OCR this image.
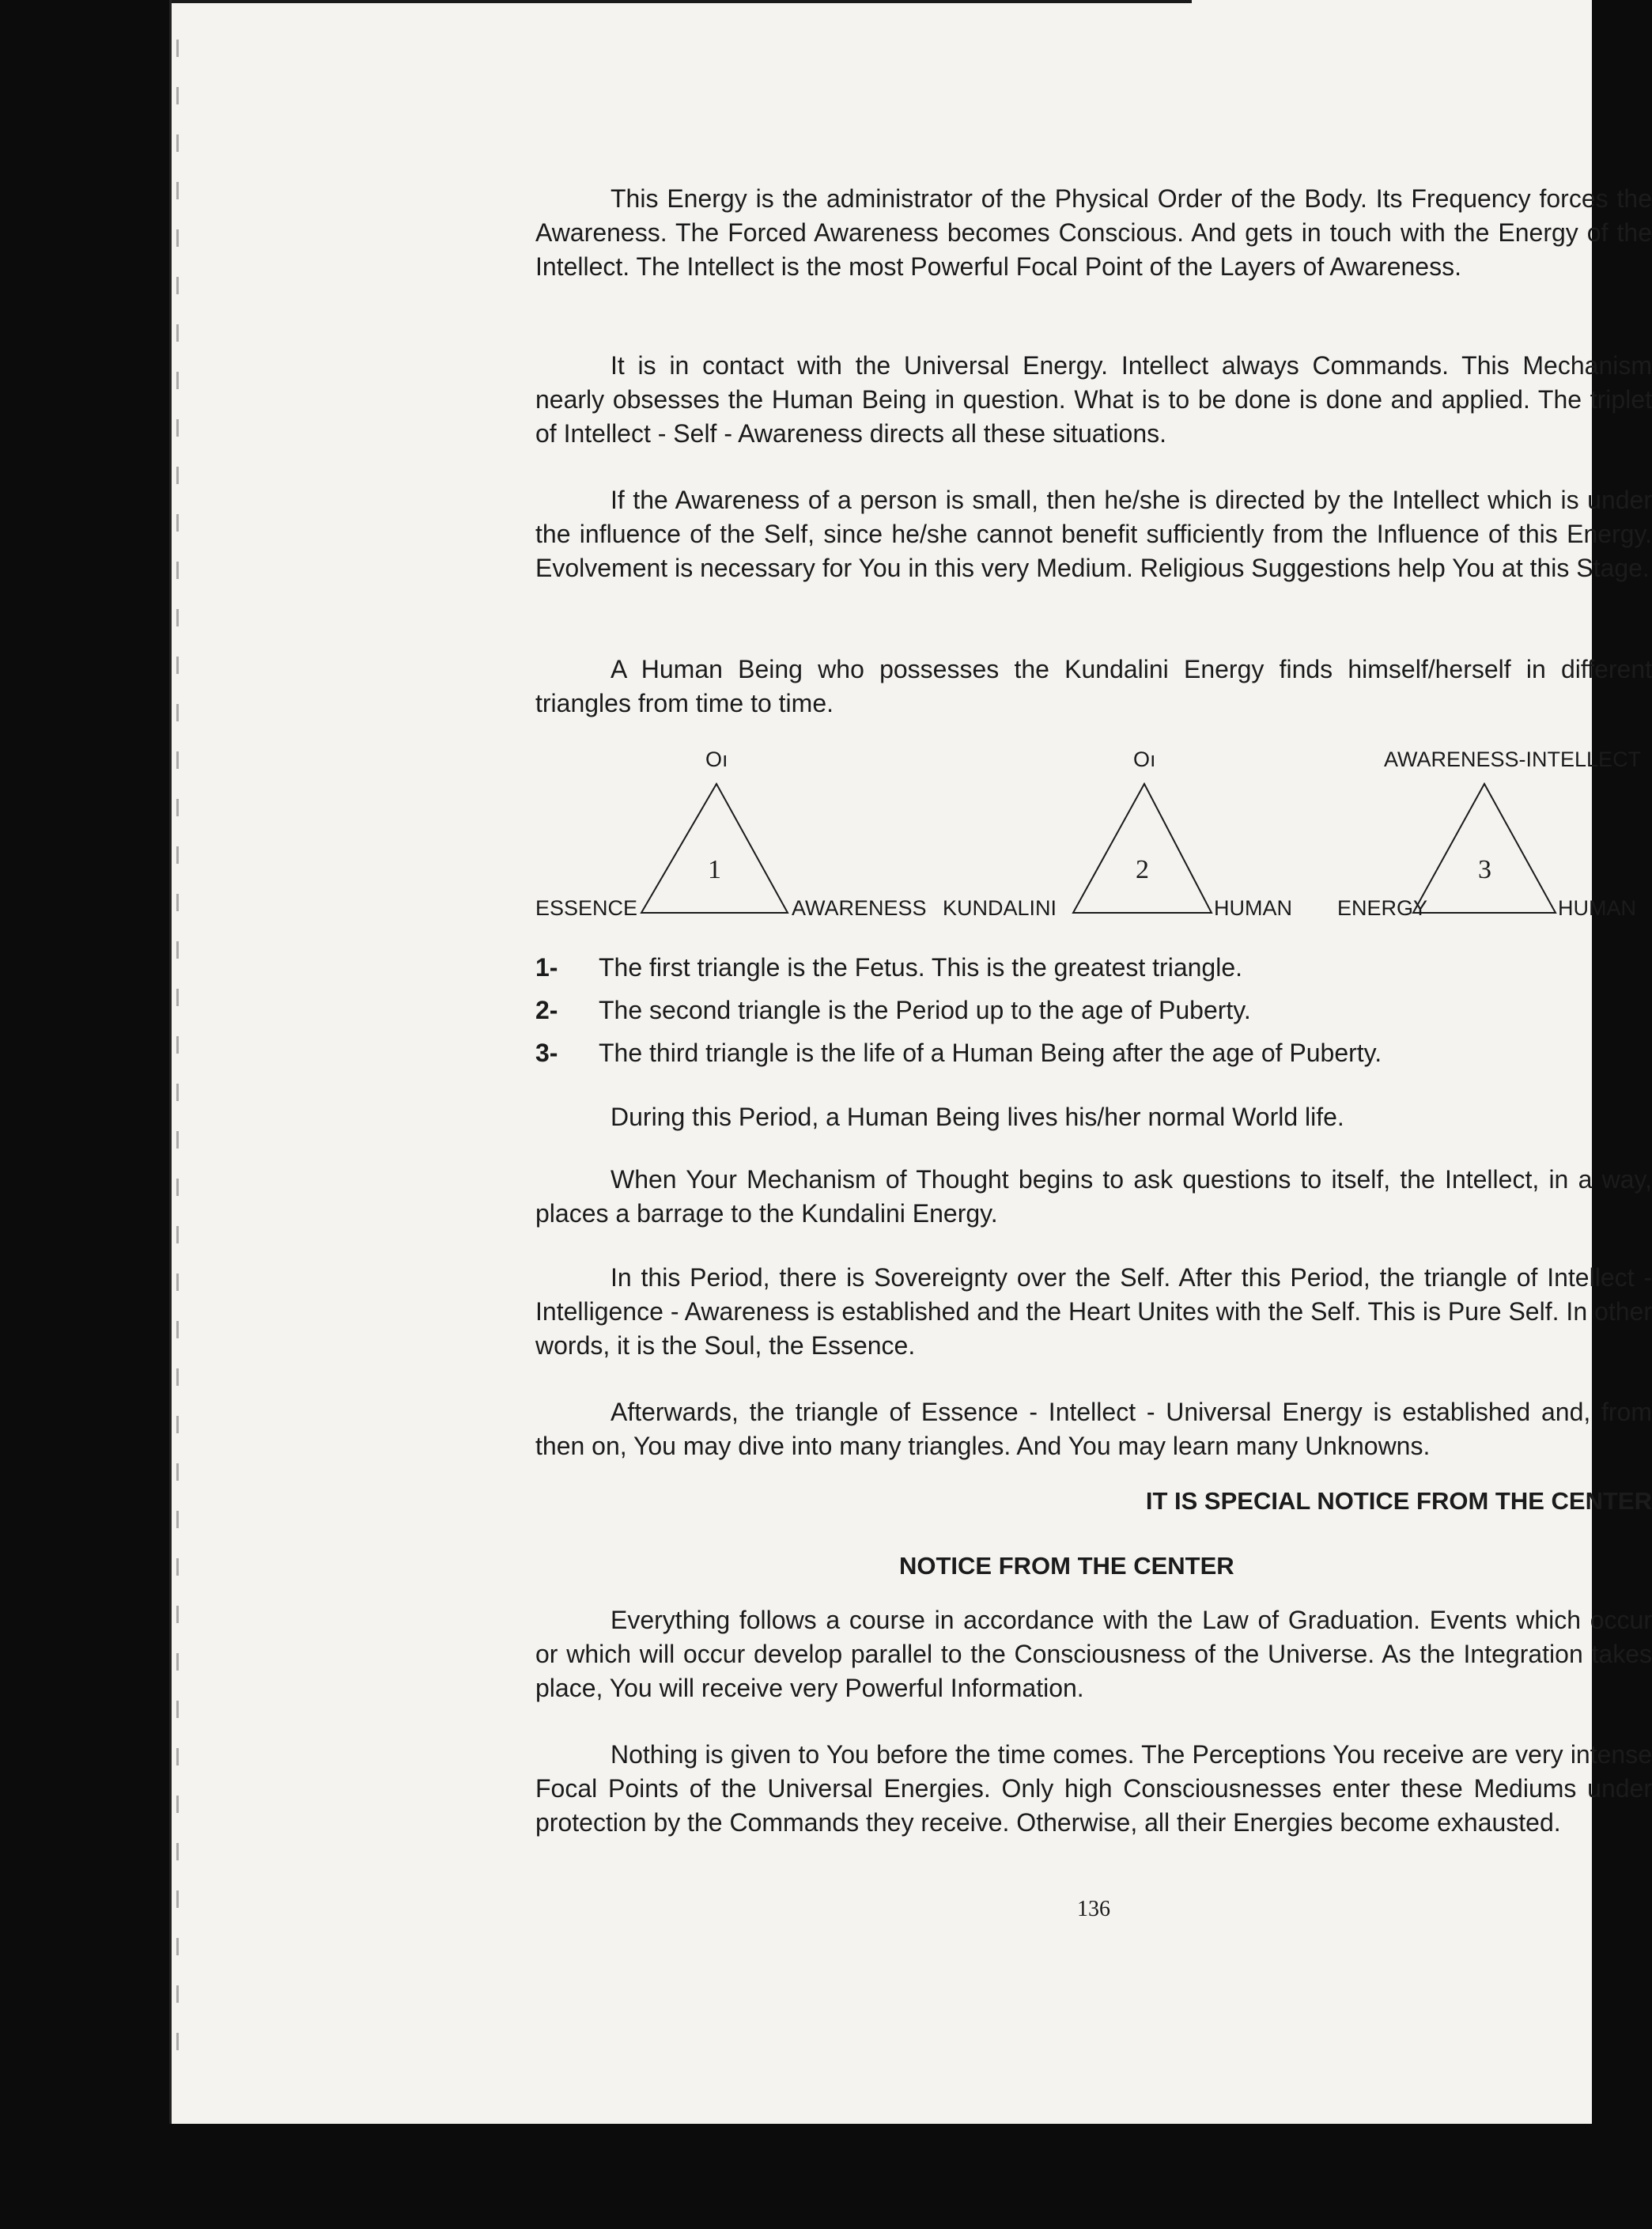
This Energy is the administrator of the Physical Order of the Body. Its Frequency forces the Awareness. The Forced Awareness becomes Conscious. And gets in touch with the Energy of the Intellect. The Intellect is the most Powerful Focal Point of the Layers of Awareness.

It is in contact with the Universal Energy. Intellect always Commands. This Mechanism nearly obsesses the Human Being in question. What is to be done is done and applied. The triplet of Intellect - Self - Awareness directs all these situations.

If the Awareness of a person is small, then he/she is directed by the Intellect which is under the influence of the Self, since he/she cannot benefit sufficiently from the Influence of this Energy. Evolvement is necessary for You in this very Medium. Religious Suggestions help You at this Stage.

A Human Being who possesses the Kundalini Energy finds himself/herself in different triangles from time to time.

Oı
1
ESSENCE	AWARENESS
Oı
2
KUNDALINI	HUMAN
AWARENESS-INTELLECT
3
ENERGY	HUMAN
1- The first triangle is the Fetus. This is the greatest triangle.
2- The second triangle is the Period up to the age of Puberty.
3- The third triangle is the life of a Human Being after the age of Puberty.

During this Period, a Human Being lives his/her normal World life.

When Your Mechanism of Thought begins to ask questions to itself, the Intellect, in a way, places a barrage to the Kundalini Energy.

In this Period, there is Sovereignty over the Self. After this Period, the triangle of Intellect - Intelligence - Awareness is established and the Heart Unites with the Self. This is Pure Self. In other words, it is the Soul, the Essence.

Afterwards, the triangle of Essence - Intellect - Universal Energy is established and, from then on, You may dive into many triangles. And You may learn many Unknowns.

IT IS SPECIAL NOTICE FROM THE CENTER
NOTICE FROM THE CENTER

Everything follows a course in accordance with the Law of Graduation. Events which occur or which will occur develop parallel to the Consciousness of the Universe. As the Integration takes place, You will receive very Powerful Information.

Nothing is given to You before the time comes. The Perceptions You receive are very intense Focal Points of the Universal Energies. Only high Consciousnesses enter these Mediums under protection by the Commands they receive. Otherwise, all their Energies become exhausted.

136
